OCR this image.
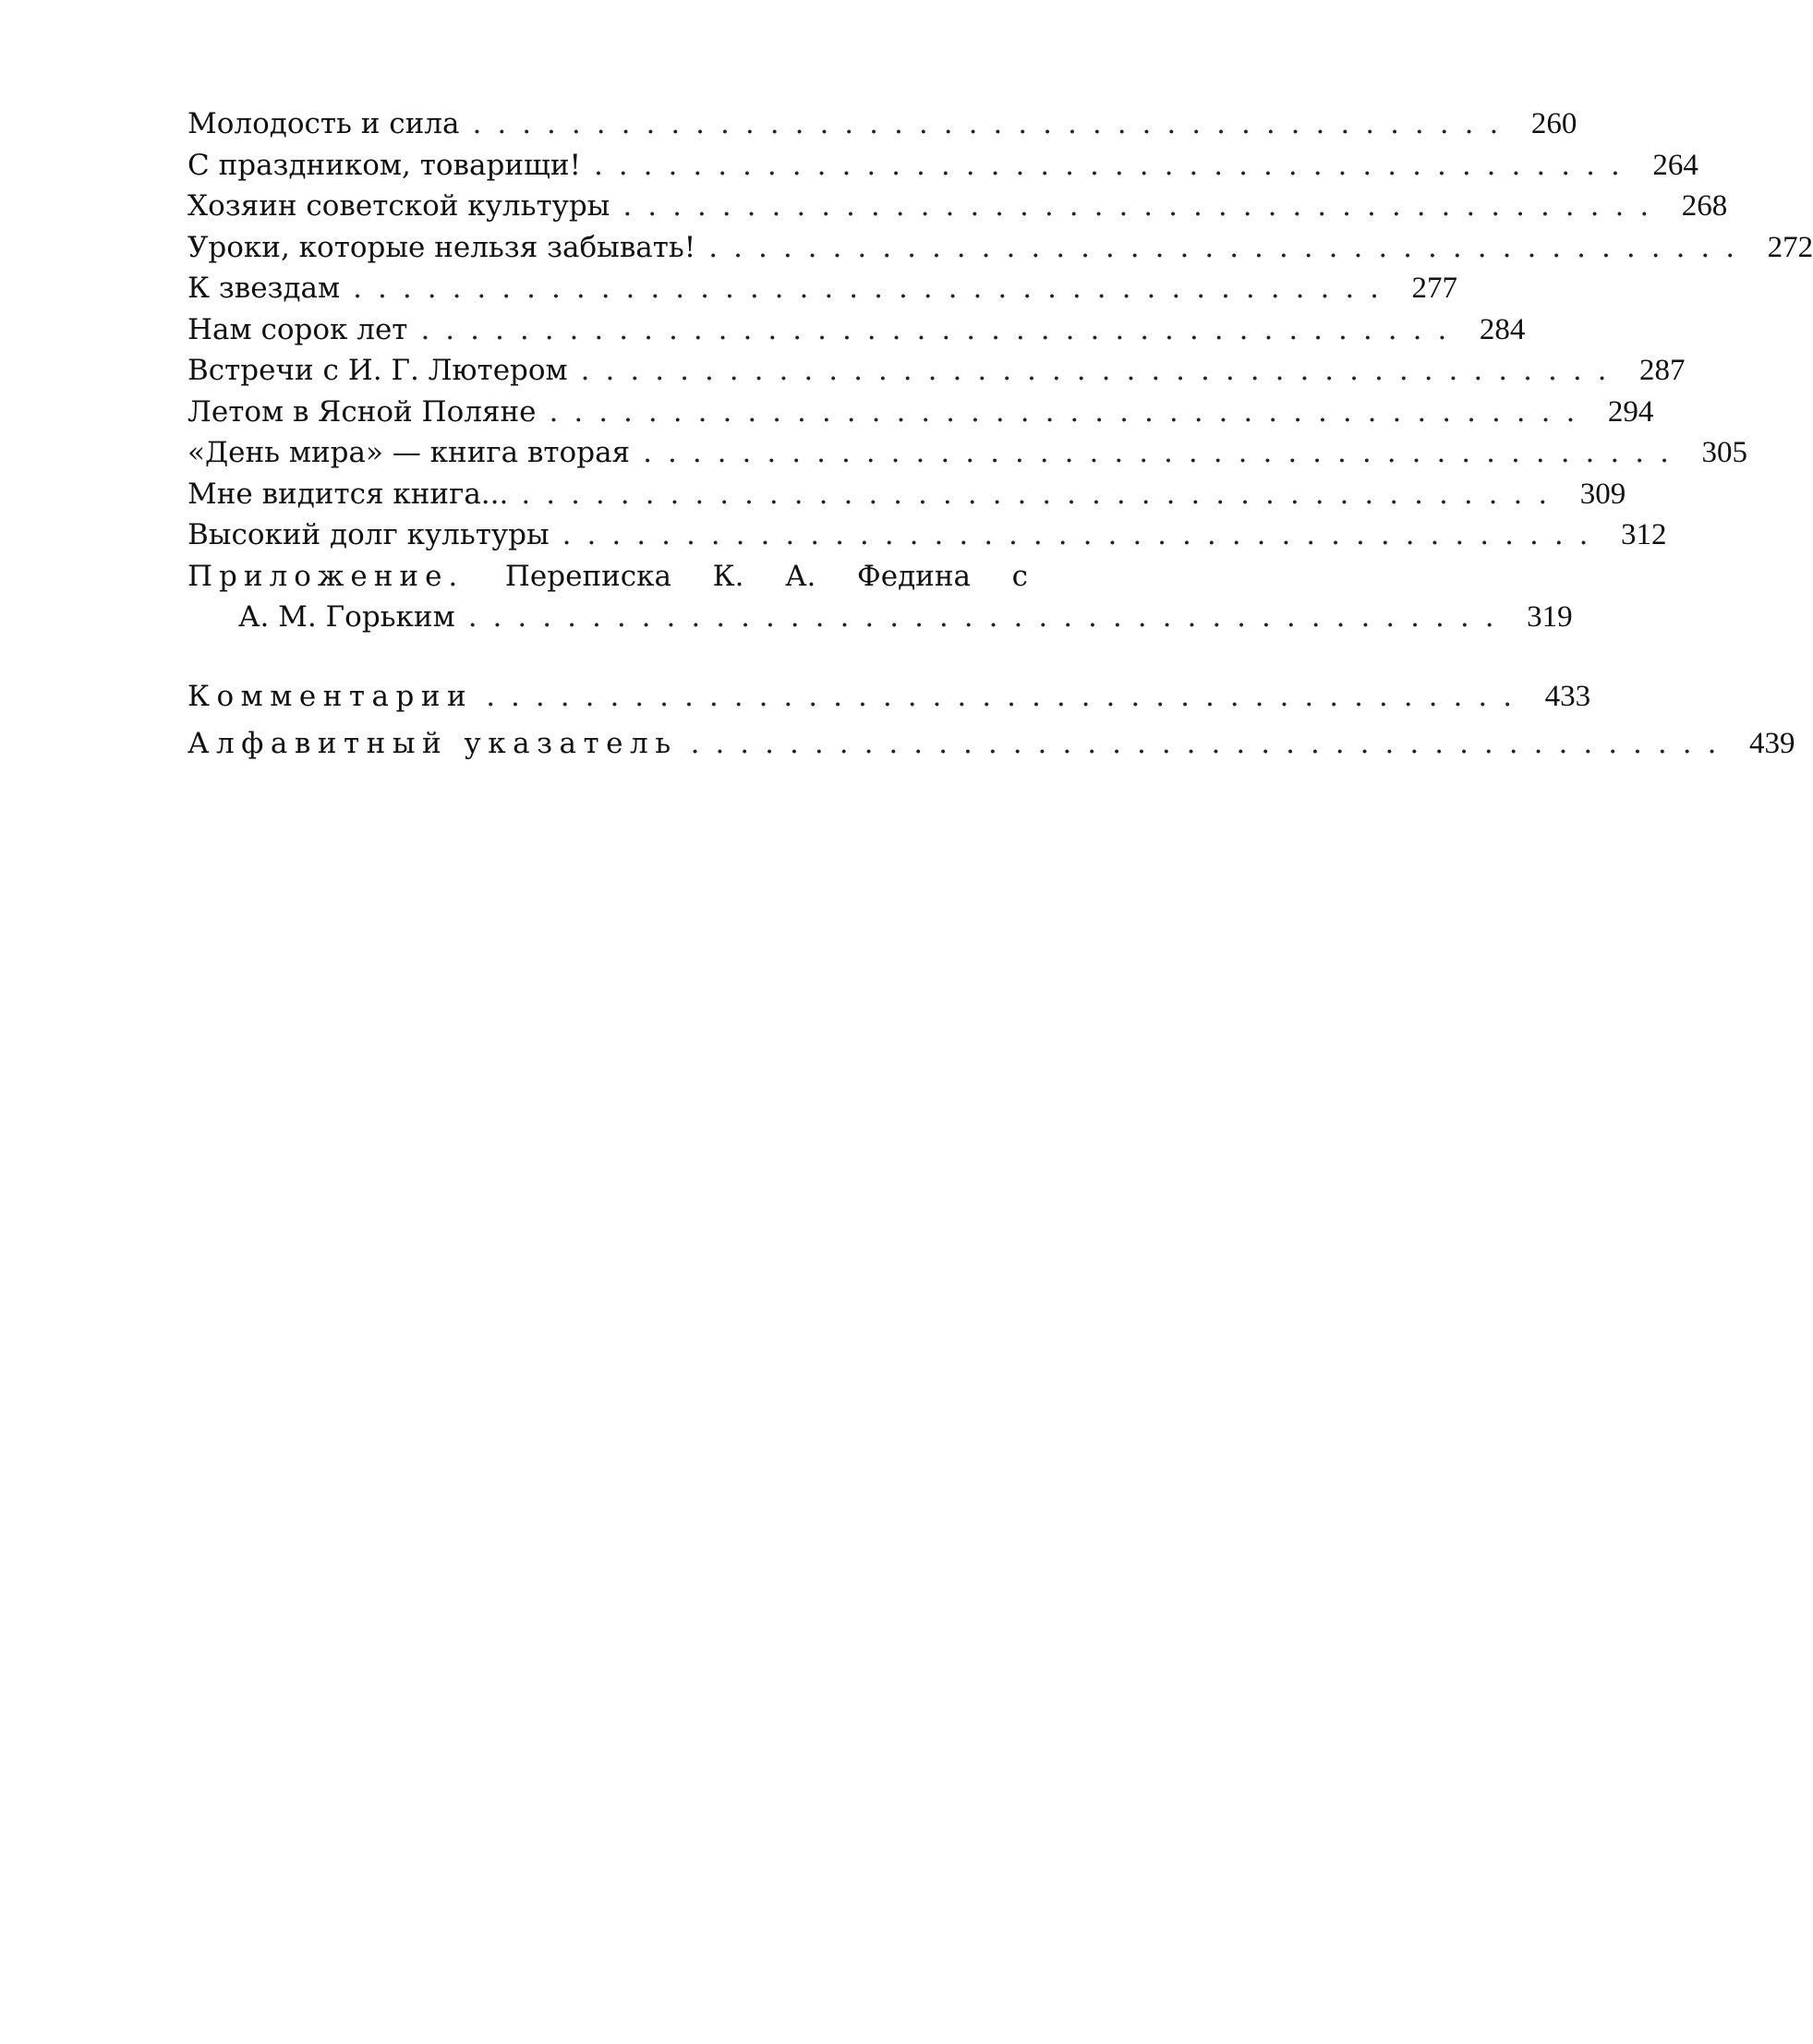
Молодость и сила .......................................... 260
С праздником, товарищи! .......................................... 264
Хозяин советской культуры .......................................... 268
Уроки, которые нельзя забывать! .......................................... 272
К звездам .......................................... 277
Нам сорок лет .......................................... 284
Встречи с И. Г. Лютером .......................................... 287
Летом в Ясной Поляне .......................................... 294
«День мира» — книга вторая .......................................... 305
Мне видится книга... .......................................... 309
Высокий долг культуры .......................................... 312
Приложение. Переписка К. А. Федина с
А. М. Горьким .......................................... 319
Комментарии .......................................... 433
Алфавитный указатель .......................................... 439
